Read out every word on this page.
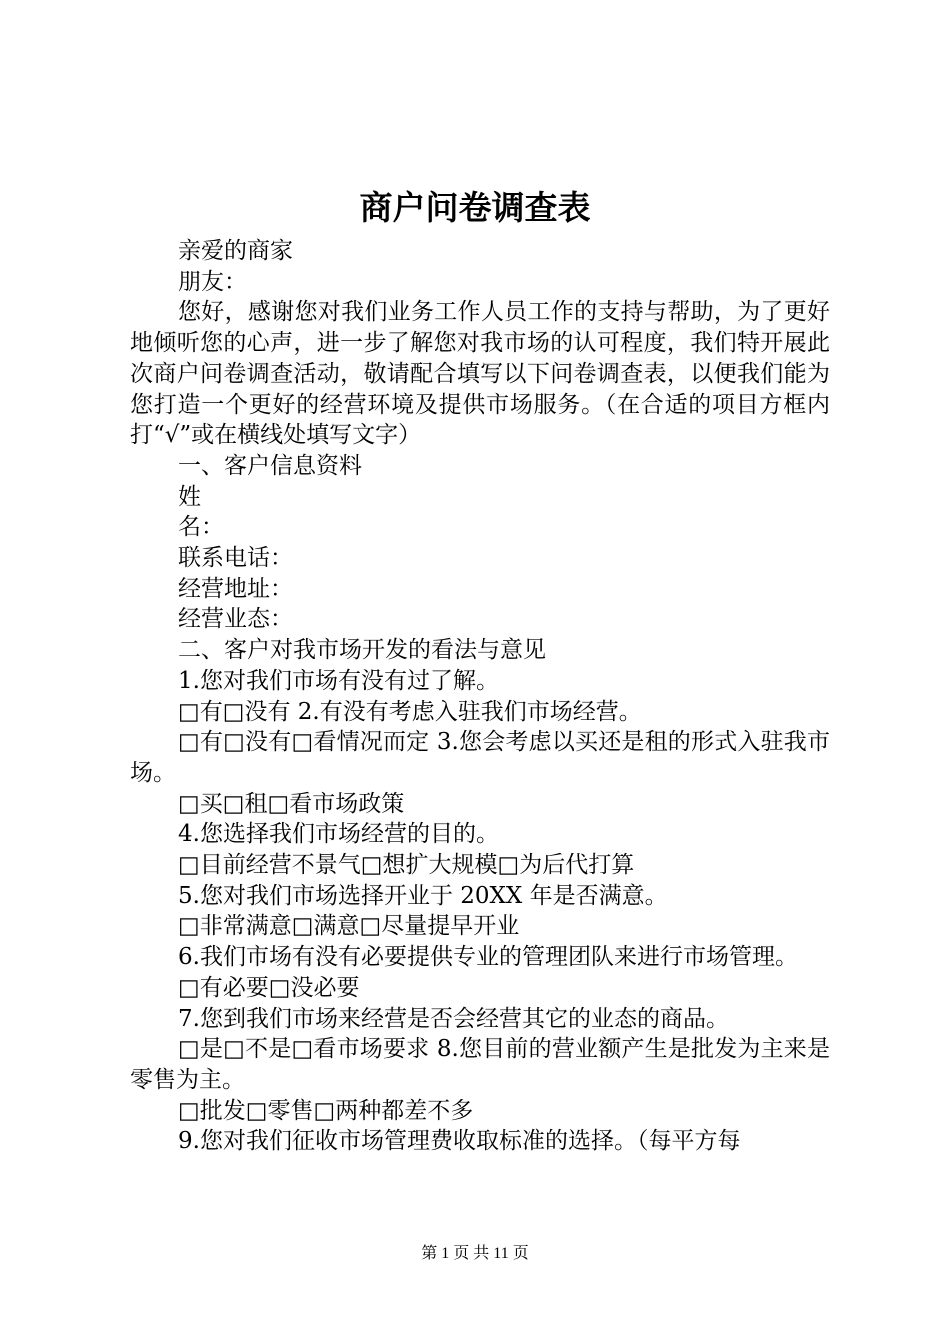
商户问卷调查表

亲爱的商家

朋友：

您好，感谢您对我们业务工作人员工作的支持与帮助，为了更好地倾听您的心声，进一步了解您对我市场的认可程度，我们特开展此次商户问卷调查活动，敬请配合填写以下问卷调查表，以便我们能为您打造一个更好的经营环境及提供市场服务。（在合适的项目方框内打“√”或在横线处填写文字）

一、客户信息资料

姓

名：

联系电话：

经营地址：

经营业态：

二、客户对我市场开发的看法与意见

1.您对我们市场有没有过了解。

□有□没有 2.有没有考虑入驻我们市场经营。

□有□没有□看情况而定 3.您会考虑以买还是租的形式入驻我市场。

□买□租□看市场政策

4.您选择我们市场经营的目的。

□目前经营不景气□想扩大规模□为后代打算

5.您对我们市场选择开业于 20XX 年是否满意。

□非常满意□满意□尽量提早开业

6.我们市场有没有必要提供专业的管理团队来进行市场管理。

□有必要□没必要

7.您到我们市场来经营是否会经营其它的业态的商品。

□是□不是□看市场要求 8.您目前的营业额产生是批发为主来是零售为主。

□批发□零售□两种都差不多

9.您对我们征收市场管理费收取标准的选择。（每平方每

第 1 页 共 11 页
